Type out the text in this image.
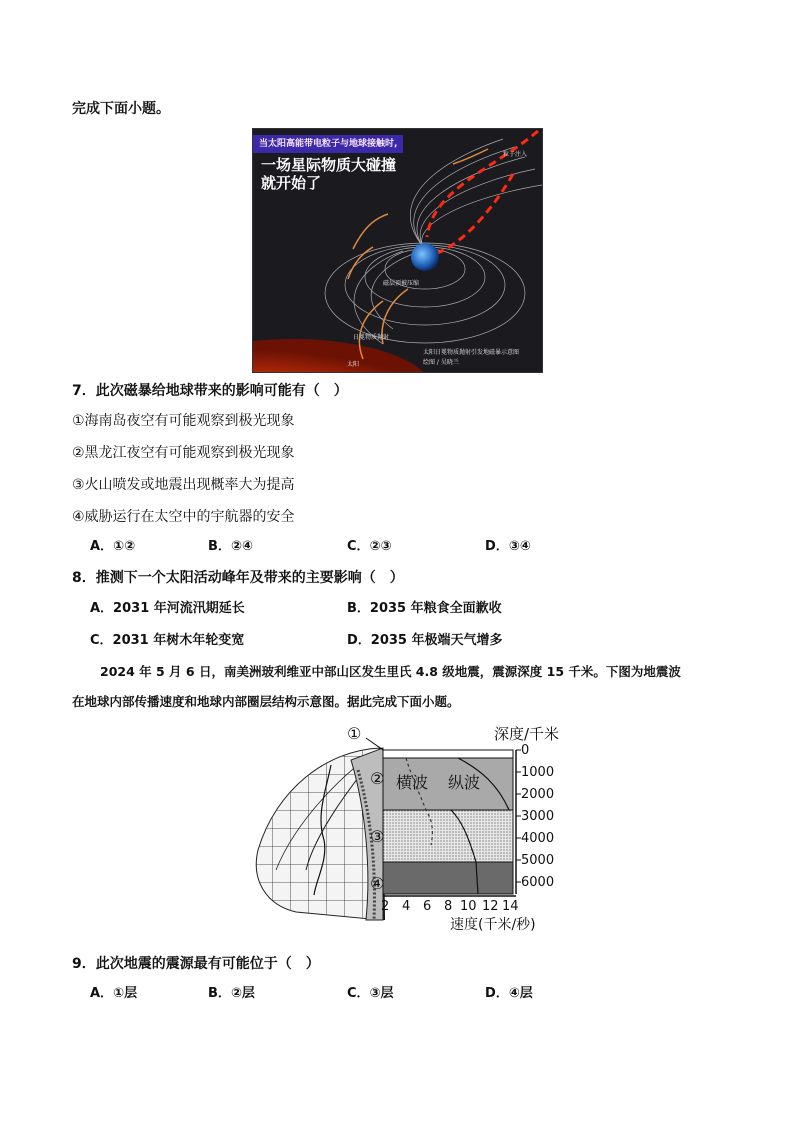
完成下面小题。
当太阳高能带电粒子与地球接触时,
一场星际物质大碰撞
就开始了
粒子注入
磁层顶被压缩
日冕物质抛射
太阳
太阳日冕物质抛射引发地磁暴示意图
绘图 / 吴晓兰
7．此次磁暴给地球带来的影响可能有（　）
①海南岛夜空有可能观察到极光现象
②黑龙江夜空有可能观察到极光现象
③火山喷发或地震出现概率大为提高
④威胁运行在太空中的宇航器的安全
A．①②	B．②④	C．②③	D．③④
8．推测下一个太阳活动峰年及带来的主要影响（　）
A．2031 年河流汛期延长	B．2035 年粮食全面歉收
C．2031 年树木年轮变宽	D．2035 年极端天气增多
2024 年 5 月 6 日，南美洲玻利维亚中部山区发生里氏 4.8 级地震，震源深度 15 千米。下图为地震波
在地球内部传播速度和地球内部圈层结构示意图。据此完成下面小题。
①
②
③
④
横波 纵波
深度/千米
0
1000
2000
3000
4000
5000
6000
2 4 6 8 10 12 14
速度(千米/秒)
9．此次地震的震源最有可能位于（　）
A．①层	B．②层	C．③层	D．④层
